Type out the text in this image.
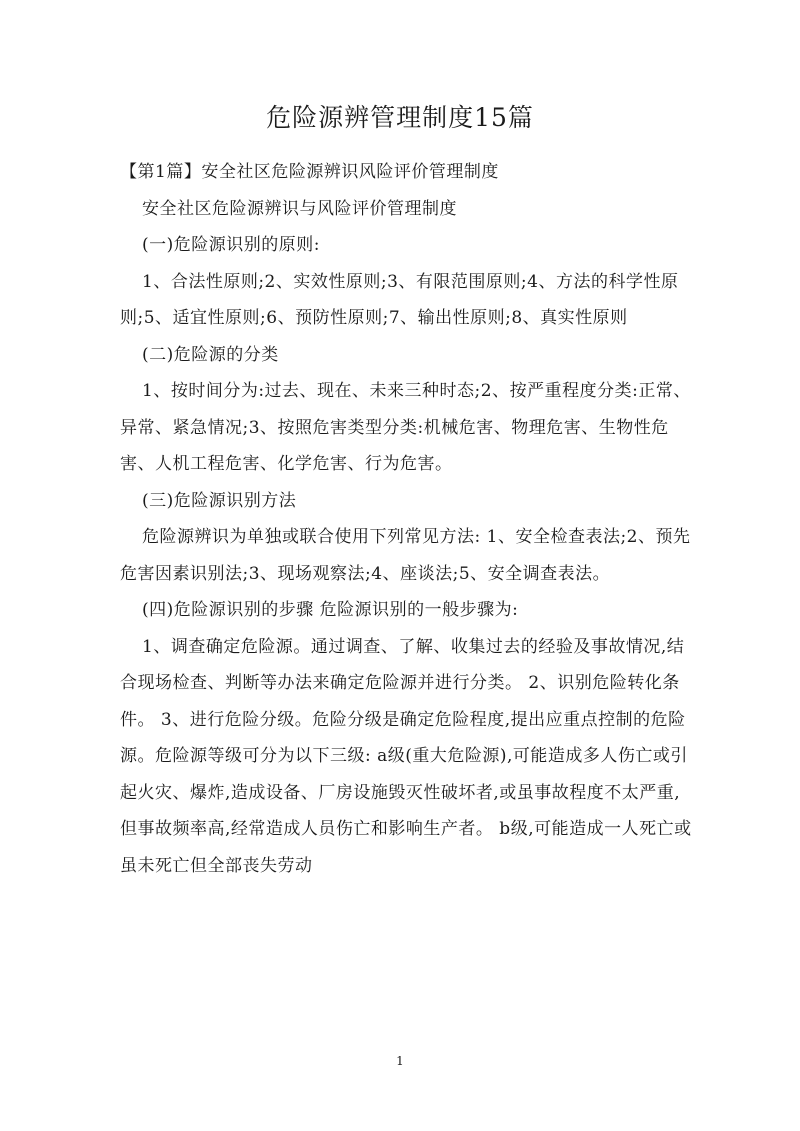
危险源辨管理制度15篇

【第1篇】安全社区危险源辨识风险评价管理制度

安全社区危险源辨识与风险评价管理制度

(一)危险源识别的原则:

1、合法性原则;2、实效性原则;3、有限范围原则;4、方法的科学性原则;5、适宜性原则;6、预防性原则;7、输出性原则;8、真实性原则

(二)危险源的分类

1、按时间分为:过去、现在、未来三种时态;2、按严重程度分类:正常、异常、紧急情况;3、按照危害类型分类:机械危害、物理危害、生物性危害、人机工程危害、化学危害、行为危害。

(三)危险源识别方法

危险源辨识为单独或联合使用下列常见方法: 1、安全检查表法;2、预先危害因素识别法;3、现场观察法;4、座谈法;5、安全调查表法。

(四)危险源识别的步骤 危险源识别的一般步骤为:

1、调查确定危险源。通过调查、了解、收集过去的经验及事故情况,结合现场检查、判断等办法来确定危险源并进行分类。 2、识别危险转化条件。 3、进行危险分级。危险分级是确定危险程度,提出应重点控制的危险源。危险源等级可分为以下三级: a级(重大危险源),可能造成多人伤亡或引起火灾、爆炸,造成设备、厂房设施毁灭性破坏者,或虽事故程度不太严重,但事故频率高,经常造成人员伤亡和影响生产者。 b级,可能造成一人死亡或虽未死亡但全部丧失劳动

1
